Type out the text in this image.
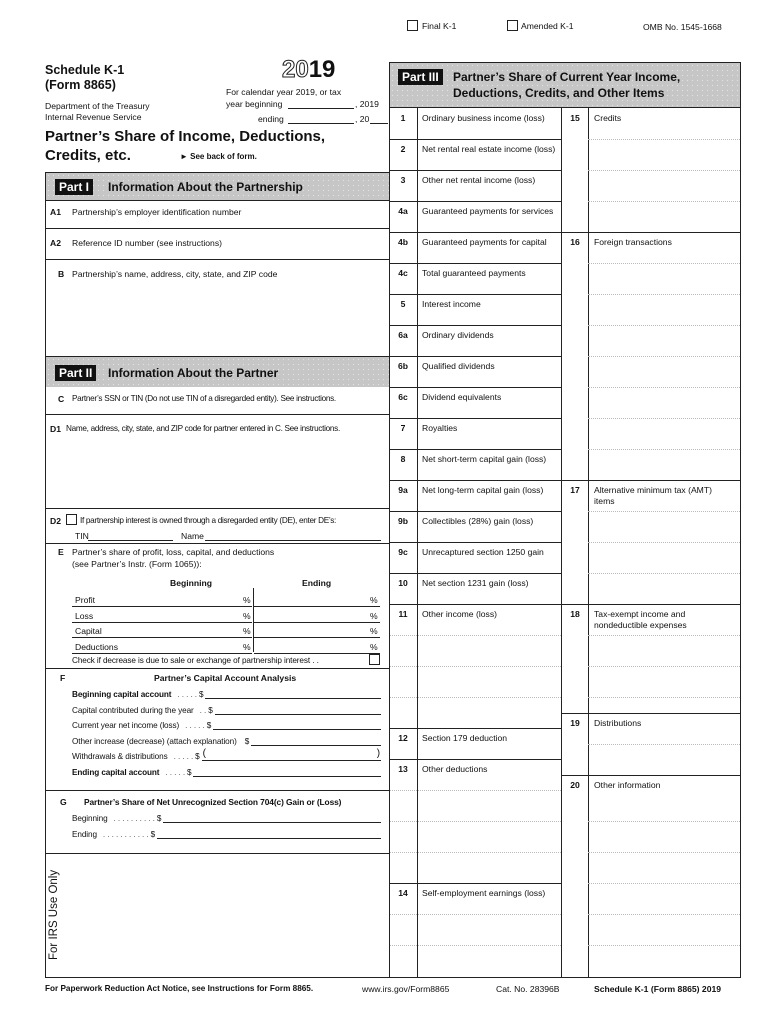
Final K-1	Amended K-1	OMB No. 1545-1668
Schedule K-1
(Form 8865)
Department of the Treasury
Internal Revenue Service
2019
For calendar year 2019, or tax
year beginning	, 2019
ending	, 20
Partner’s Share of Income, Deductions,
Credits, etc.	► See back of form.
Part I	Information About the Partnership
A1 Partnership’s employer identification number
A2 Reference ID number (see instructions)
B Partnership’s name, address, city, state, and ZIP code
Part II	Information About the Partner
C Partner’s SSN or TIN (Do not use TIN of a disregarded entity). See instructions.
D1 Name, address, city, state, and ZIP code for partner entered in C. See instructions.
D2 If partnership interest is owned through a disregarded entity (DE), enter DE’s:
TIN	Name
E Partner’s share of profit, loss, capital, and deductions
(see Partner’s Instr. (Form 1065)):
Beginning	Ending
Profit	%	%
Loss	%	%
Capital	%	%
Deductions	%	%
Check if decrease is due to sale or exchange of partnership interest . .
F	Partner’s Capital Account Analysis
Beginning capital account . . . . . $
Capital contributed during the year . . $
Current year net income (loss) . . . . . $
Other increase (decrease) (attach explanation) $
Withdrawals & distributions . . . . . $ (	)
Ending capital account . . . . . $
G Partner’s Share of Net Unrecognized Section 704(c) Gain or (Loss)
Beginning . . . . . . . . . . $
Ending . . . . . . . . . . . $
For IRS Use Only
Part III	Partner’s Share of Current Year Income,
Deductions, Credits, and Other Items
1	Ordinary business income (loss)
2	Net rental real estate income (loss)
3	Other net rental income (loss)
4a	Guaranteed payments for services
4b	Guaranteed payments for capital
4c	Total guaranteed payments
5	Interest income
6a	Ordinary dividends
6b	Qualified dividends
6c	Dividend equivalents
7	Royalties
8	Net short-term capital gain (loss)
9a	Net long-term capital gain (loss)
9b	Collectibles (28%) gain (loss)
9c	Unrecaptured section 1250 gain
10	Net section 1231 gain (loss)
11	Other income (loss)
12	Section 179 deduction
13	Other deductions
14	Self-employment earnings (loss)
15	Credits
16	Foreign transactions
17	Alternative minimum tax (AMT) items
18	Tax-exempt income and nondeductible expenses
19	Distributions
20	Other information
For Paperwork Reduction Act Notice, see Instructions for Form 8865.	www.irs.gov/Form8865	Cat. No. 28396B	Schedule K-1 (Form 8865) 2019
